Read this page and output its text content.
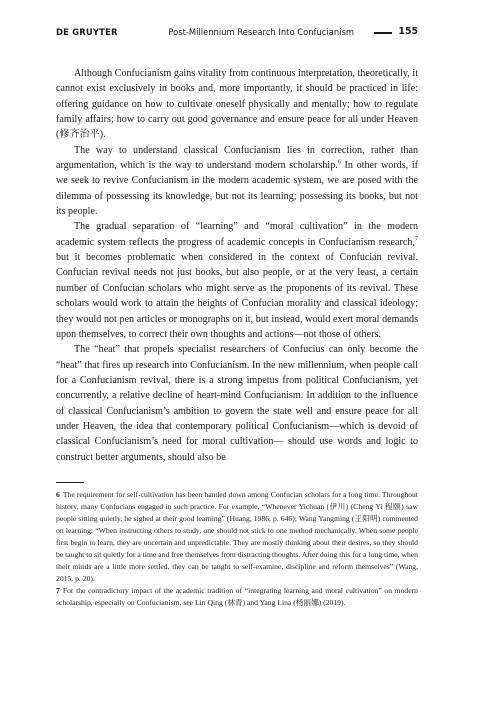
DE GRUYTER	Post-Millennium Research Into Confucianism	155

Although Confucianism gains vitality from continuous interpretation, theoretically, it cannot exist exclusively in books and, more importantly, it should be practiced in life: offering guidance on how to cultivate oneself physically and mentally; how to regulate family affairs; how to carry out good governance and ensure peace for all under Heaven (修齐治平).

The way to understand classical Confucianism lies in correction, rather than argumentation, which is the way to understand modern scholarship.$^6$ In other words, if we seek to revive Confucianism in the modern academic system, we are posed with the dilemma of possessing its knowledge, but not its learning; possessing its books, but not its people.

The gradual separation of “learning” and “moral cultivation” in the modern academic system reflects the progress of academic concepts in Confucianism research,$^7$ but it becomes problematic when considered in the context of Confucian revival. Confucian revival needs not just books, but also people, or at the very least, a certain number of Confucian scholars who might serve as the proponents of its revival. These scholars would work to attain the heights of Confucian morality and classical ideology; they would not pen articles or monographs on it, but instead, would exert moral demands upon themselves, to correct their own thoughts and actions—not those of others.

The “heat” that propels specialist researchers of Confucius can only become the “heat” that fires up research into Confucianism. In the new millennium, when people call for a Confucianism revival, there is a strong impetus from political Confucianism, yet concurrently, a relative decline of heart-mind Confucianism. In addition to the influence of classical Confucianism’s ambition to govern the state well and ensure peace for all under Heaven, the idea that contemporary political Confucianism—which is devoid of classical Confucianism’s need for moral cultivation— should use words and logic to construct better arguments, should also be

6 The requirement for self-cultivation has been handed down among Confucian scholars for a long time. Throughout history, many Confucians engaged in such practice. For example, “Whenever Yichuan (伊川) (Cheng Yi 程颐) saw people sitting quietly, he sighed at their good learning” (Huang, 1986, p. 646); Wang Yangming (王阳明) commented on learning: “When instructing others to study, one should not stick to one method mechanically. When some people first begin to learn, they are uncertain and unpredictable. They are mostly thinking about their desires, so they should be taught to sit quietly for a time and free themselves from distracting thoughts. After doing this for a long time, when their minds are a little more settled, they can be taught to self-examine, discipline and reform themselves” (Wang, 2015, p. 20).

7 For the contradictory impact of the academic tradition of “integrating learning and moral cultivation” on modern scholarship, especially on Confucianism, see Lin Qing (林青) and Yang Lina (杨丽娜) (2019).
